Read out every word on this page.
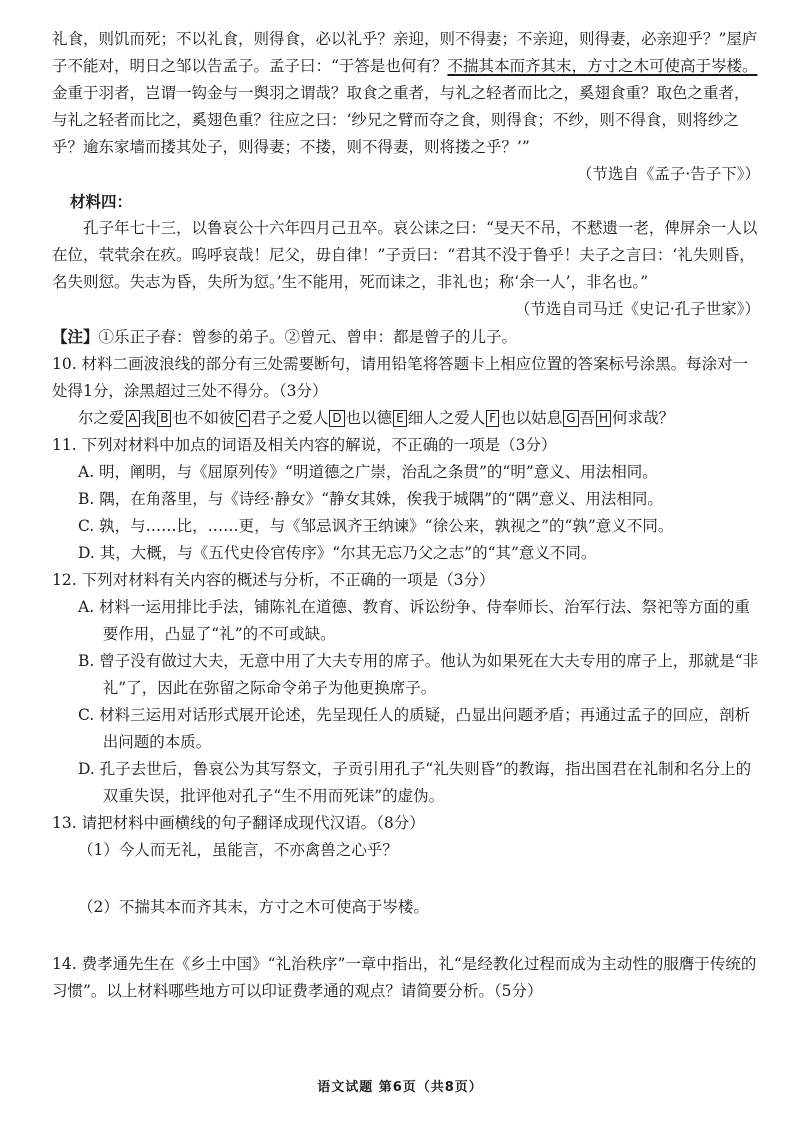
礼食，则饥而死；不以礼食，则得食，必以礼乎？亲迎，则不得妻；不亲迎，则得妻，必亲迎乎？”屋庐子不能对，明日之邹以告孟子。孟子曰：“于答是也何有？不揣其本而齐其末，方寸之木可使高于岑楼。金重于羽者，岂谓一钩金与一舆羽之谓哉？取食之重者，与礼之轻者而比之，奚翅食重？取色之重者，与礼之轻者而比之，奚翅色重？往应之曰：‘纱兄之臂而夺之食，则得食；不纱，则不得食，则将纱之乎？逾东家墙而搂其处子，则得妻；不搂，则不得妻，则将搂之乎？’”

（节选自《孟子·告子下》）

材料四：

孔子年七十三，以鲁哀公十六年四月己丑卒。哀公诔之曰：“旻天不吊，不慭遗一老，俾屏余一人以在位，茕茕余在疚。呜呼哀哉！尼父，毋自律！”子贡曰：“君其不没于鲁乎！夫子之言曰：‘礼失则昏，名失则愆。失志为昏，失所为愆。’生不能用，死而诔之，非礼也；称‘余一人’，非名也。”

（节选自司马迁《史记·孔子世家》）

【注】①乐正子春：曾参的弟子。②曾元、曾申：都是曾子的儿子。

10. 材料二画波浪线的部分有三处需要断句，请用铅笔将答题卡上相应位置的答案标号涂黑。每涂对一处得1分，涂黑超过三处不得分。（3分）

尔之爱 A 我 B 也不如彼 C 君子之爱人 D 也以德 E 细人之爱人 F 也以姑息 G 吾 H 何求哉？

11. 下列对材料中加点的词语及相关内容的解说，不正确的一项是（3分）

A. 明，阐明，与《屈原列传》“明道德之广崇，治乱之条贯”的“明”意义、用法相同。

B. 隅，在角落里，与《诗经·静女》“静女其姝，俟我于城隅”的“隅”意义、用法相同。

C. 孰，与……比，……更，与《邹忌讽齐王纳谏》“徐公来，孰视之”的“孰”意义不同。

D. 其，大概，与《五代史伶官传序》“尔其无忘乃父之志”的“其”意义不同。

12. 下列对材料有关内容的概述与分析，不正确的一项是（3分）

A. 材料一运用排比手法，铺陈礼在道德、教育、诉讼纷争、侍奉师长、治军行法、祭祀等方面的重要作用，凸显了“礼”的不可或缺。

B. 曾子没有做过大夫，无意中用了大夫专用的席子。他认为如果死在大夫专用的席子上，那就是“非礼”了，因此在弥留之际命令弟子为他更换席子。

C. 材料三运用对话形式展开论述，先呈现任人的质疑，凸显出问题矛盾；再通过孟子的回应，剖析出问题的本质。

D. 孔子去世后，鲁哀公为其写祭文，子贡引用孔子“礼失则昏”的教诲，指出国君在礼制和名分上的双重失误，批评他对孔子“生不用而死诔”的虚伪。

13. 请把材料中画横线的句子翻译成现代汉语。（8分）

（1）今人而无礼，虽能言，不亦禽兽之心乎？

（2）不揣其本而齐其末，方寸之木可使高于岑楼。

14. 费孝通先生在《乡土中国》“礼治秩序”一章中指出，礼“是经教化过程而成为主动性的服膺于传统的习惯”。以上材料哪些地方可以印证费孝通的观点？请简要分析。（5分）

语文试题 第6页（共8页）
